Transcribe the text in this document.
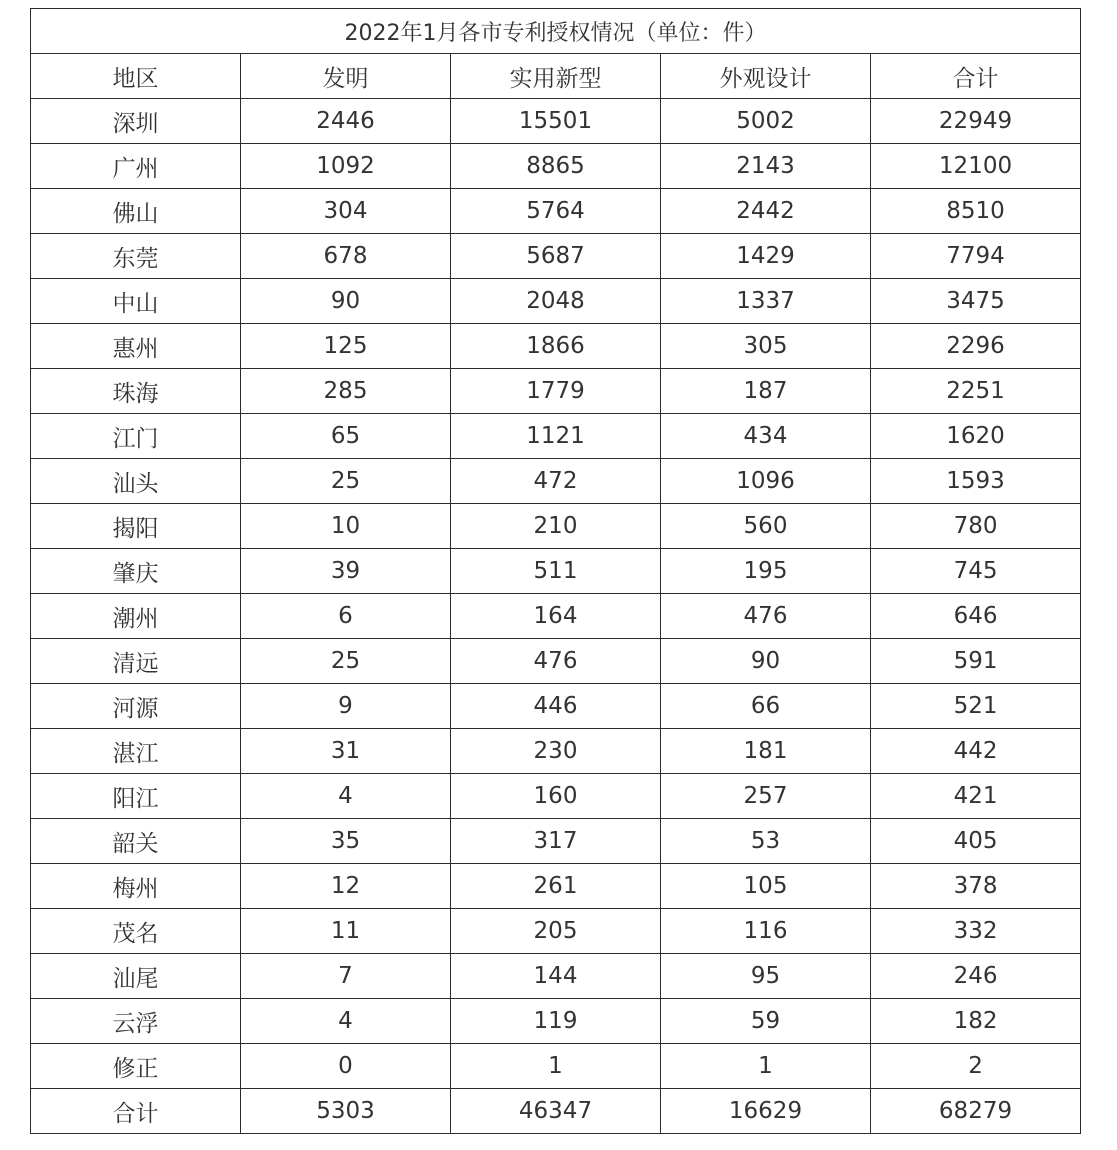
2022年1月各市专利授权情况（单位：件）				
地区	发明	实用新型	外观设计	合计
深圳	2446	15501	5002	22949
广州	1092	8865	2143	12100
佛山	304	5764	2442	8510
东莞	678	5687	1429	7794
中山	90	2048	1337	3475
惠州	125	1866	305	2296
珠海	285	1779	187	2251
江门	65	1121	434	1620
汕头	25	472	1096	1593
揭阳	10	210	560	780
肇庆	39	511	195	745
潮州	6	164	476	646
清远	25	476	90	591
河源	9	446	66	521
湛江	31	230	181	442
阳江	4	160	257	421
韶关	35	317	53	405
梅州	12	261	105	378
茂名	11	205	116	332
汕尾	7	144	95	246
云浮	4	119	59	182
修正	0	1	1	2
合计	5303	46347	16629	68279
